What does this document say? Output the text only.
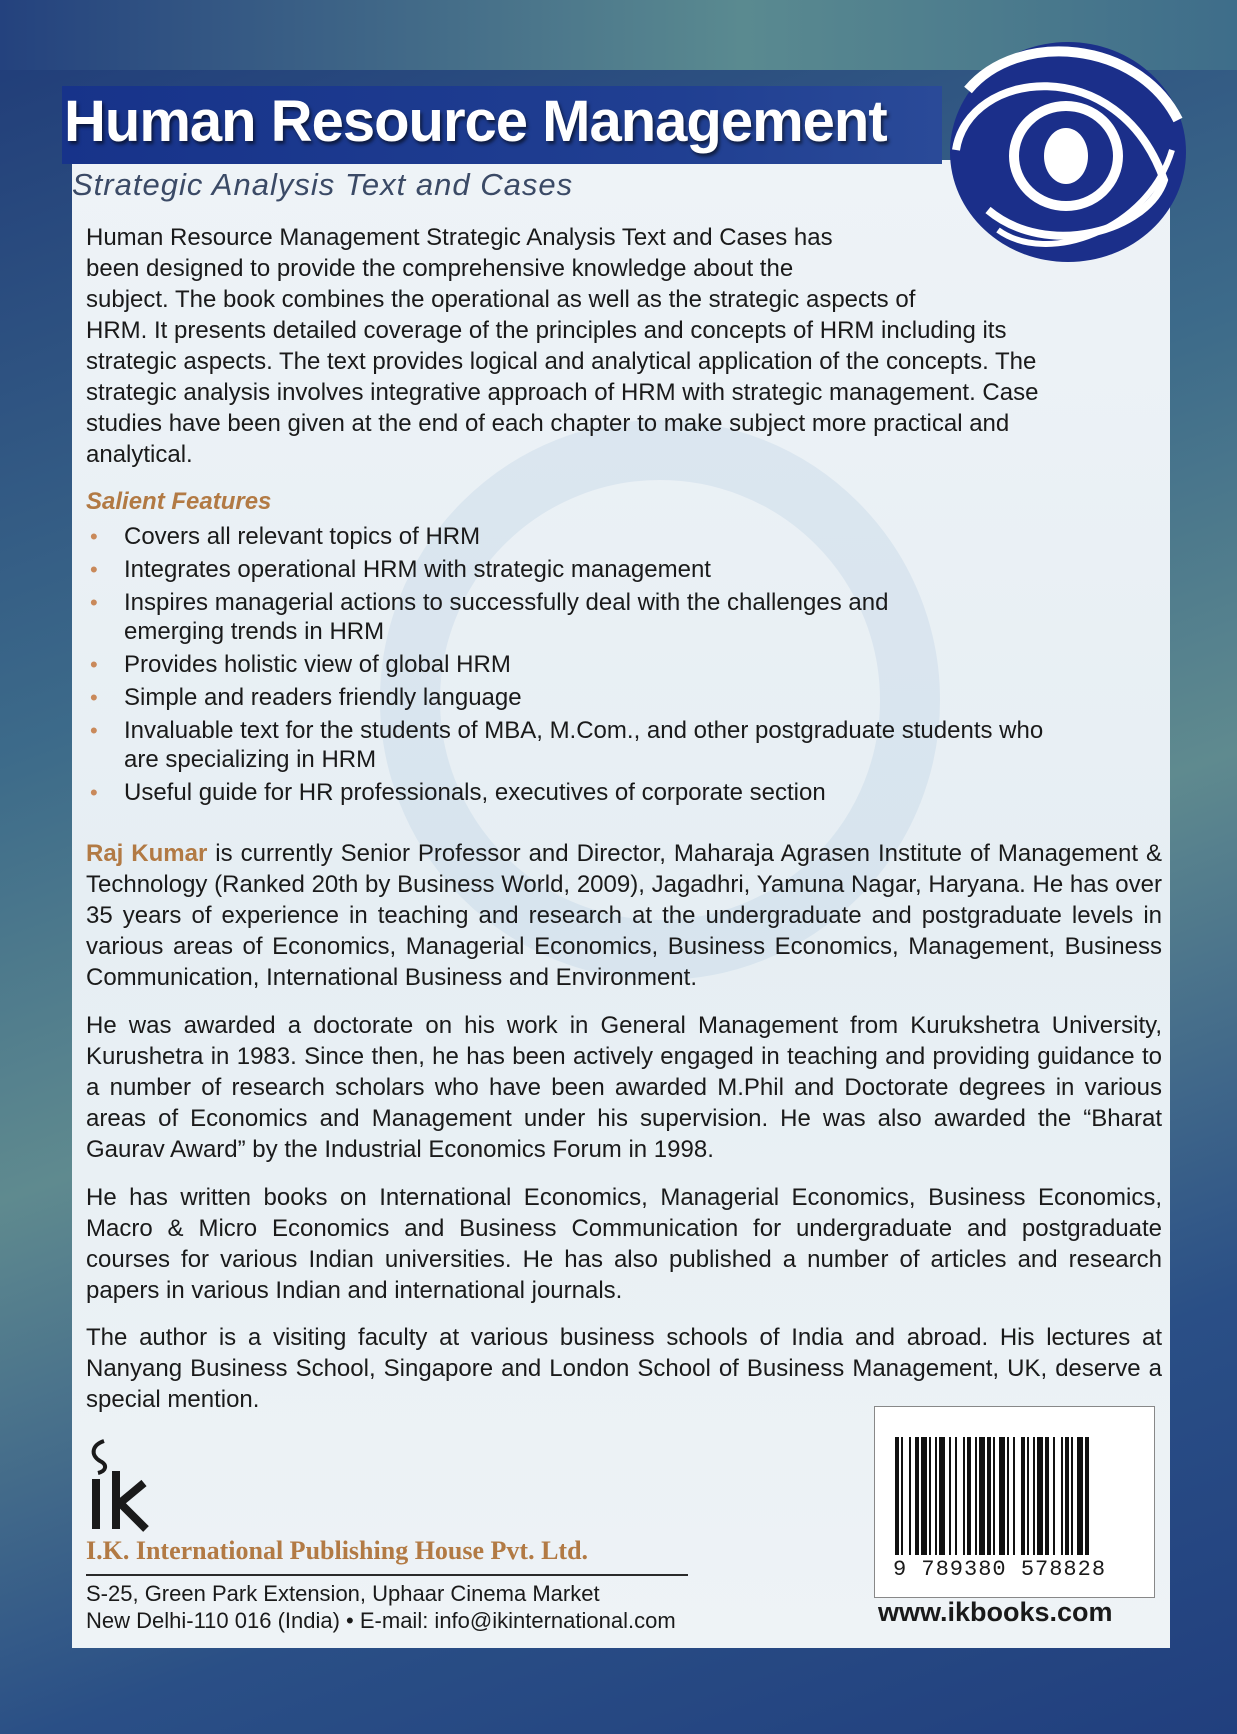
Human Resource Management
Strategic Analysis Text and Cases
Human Resource Management Strategic Analysis Text and Cases has
been designed to provide the comprehensive knowledge about the
subject. The book combines the operational as well as the strategic aspects of
HRM. It presents detailed coverage of the principles and concepts of HRM including its
strategic aspects. The text provides logical and analytical application of the concepts. The
strategic analysis involves integrative approach of HRM with strategic management. Case
studies have been given at the end of each chapter to make subject more practical and
analytical.
Salient Features
• Covers all relevant topics of HRM
• Integrates operational HRM with strategic management
• Inspires managerial actions to successfully deal with the challenges and
emerging trends in HRM
• Provides holistic view of global HRM
• Simple and readers friendly language
• Invaluable text for the students of MBA, M.Com., and other postgraduate students who
are specializing in HRM
• Useful guide for HR professionals, executives of corporate section
Raj Kumar is currently Senior Professor and Director, Maharaja Agrasen Institute of Management & Technology (Ranked 20th by Business World, 2009), Jagadhri, Yamuna Nagar, Haryana. He has over 35 years of experience in teaching and research at the undergraduate and postgraduate levels in various areas of Economics, Managerial Economics, Business Economics, Management, Business Communication, International Business and Environment.
He was awarded a doctorate on his work in General Management from Kurukshetra University, Kurushetra in 1983. Since then, he has been actively engaged in teaching and providing guidance to a number of research scholars who have been awarded M.Phil and Doctorate degrees in various areas of Economics and Management under his supervision. He was also awarded the “Bharat Gaurav Award” by the Industrial Economics Forum in 1998.
He has written books on International Economics, Managerial Economics, Business Economics, Macro & Micro Economics and Business Communication for undergraduate and postgraduate courses for various Indian universities. He has also published a number of articles and research papers in various Indian and international journals.
The author is a visiting faculty at various business schools of India and abroad. His lectures at Nanyang Business School, Singapore and London School of Business Management, UK, deserve a special mention.
I.K. International Publishing House Pvt. Ltd.
S-25, Green Park Extension, Uphaar Cinema Market
New Delhi-110 016 (India) • E-mail: info@ikinternational.com
9 789380 578828
www.ikbooks.com
